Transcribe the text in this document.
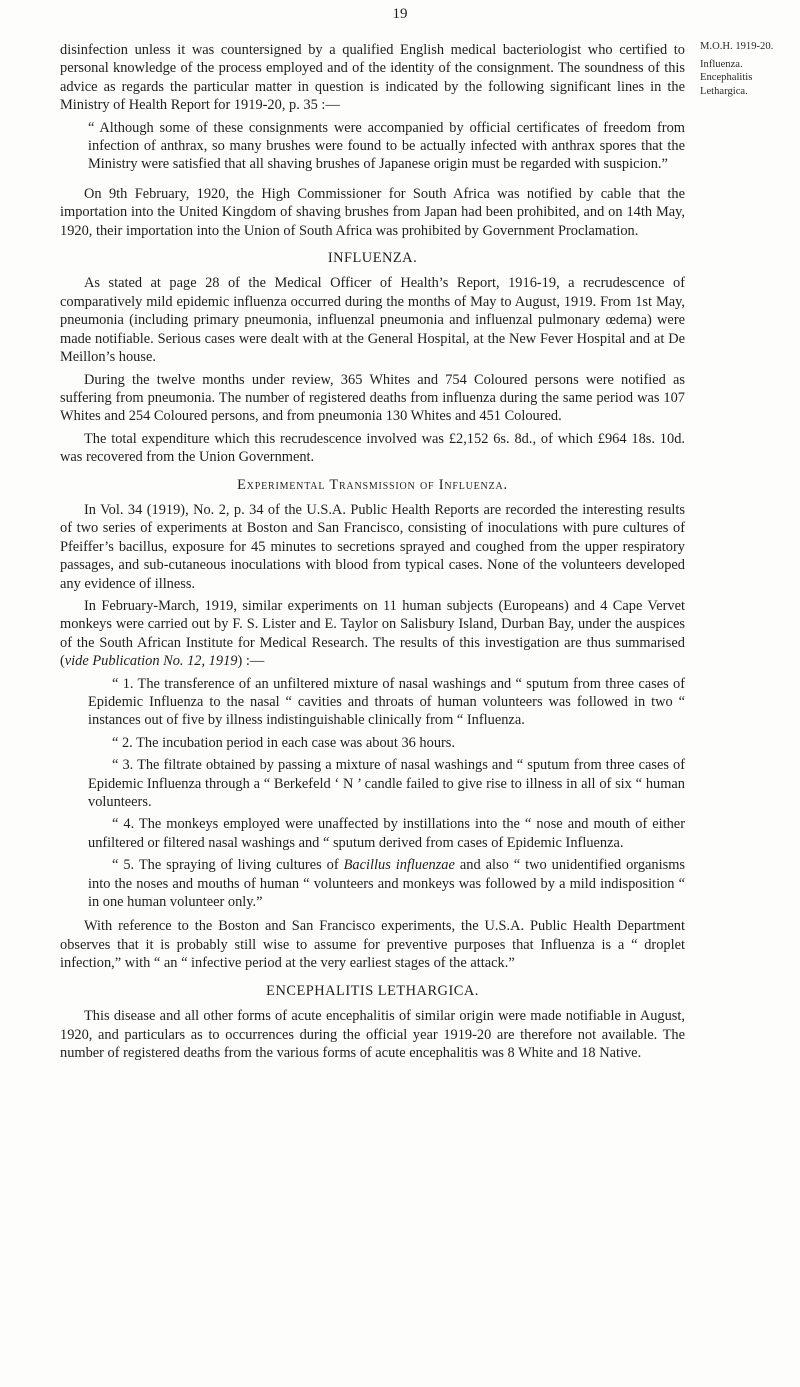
19
M.O.H. 1919-20.
Influenza.
Encephalitis
Lethargica.

disinfection unless it was countersigned by a qualified English medical bacteriologist who certified to personal knowledge of the process employed and of the identity of the consignment. The soundness of this advice as regards the particular matter in question is indicated by the following significant lines in the Ministry of Health Report for 1919-20, p. 35 :—

“ Although some of these consignments were accompanied by official certificates of freedom from infection of anthrax, so many brushes were found to be actually infected with anthrax spores that the Ministry were satisfied that all shaving brushes of Japanese origin must be regarded with suspicion.”

On 9th February, 1920, the High Commissioner for South Africa was notified by cable that the importation into the United Kingdom of shaving brushes from Japan had been prohibited, and on 14th May, 1920, their importation into the Union of South Africa was prohibited by Government Proclamation.

INFLUENZA.

As stated at page 28 of the Medical Officer of Health’s Report, 1916-19, a recrudescence of comparatively mild epidemic influenza occurred during the months of May to August, 1919. From 1st May, pneumonia (including primary pneumonia, influenzal pneumonia and influenzal pulmonary œdema) were made notifiable. Serious cases were dealt with at the General Hospital, at the New Fever Hospital and at De Meillon’s house.

During the twelve months under review, 365 Whites and 754 Coloured persons were notified as suffering from pneumonia. The number of registered deaths from influenza during the same period was 107 Whites and 254 Coloured persons, and from pneumonia 130 Whites and 451 Coloured.

The total expenditure which this recrudescence involved was £2,152 6s. 8d., of which £964 18s. 10d. was recovered from the Union Government.

Experimental Transmission of Influenza.

In Vol. 34 (1919), No. 2, p. 34 of the U.S.A. Public Health Reports are recorded the interesting results of two series of experiments at Boston and San Francisco, consisting of inoculations with pure cultures of Pfeiffer’s bacillus, exposure for 45 minutes to secretions sprayed and coughed from the upper respiratory passages, and sub-cutaneous inoculations with blood from typical cases. None of the volunteers developed any evidence of illness.

In February-March, 1919, similar experiments on 11 human subjects (Europeans) and 4 Cape Vervet monkeys were carried out by F. S. Lister and E. Taylor on Salisbury Island, Durban Bay, under the auspices of the South African Institute for Medical Research. The results of this investigation are thus summarised (vide Publication No. 12, 1919) :—

“ 1. The transference of an unfiltered mixture of nasal washings and “ sputum from three cases of Epidemic Influenza to the nasal “ cavities and throats of human volunteers was followed in two “ instances out of five by illness indistinguishable clinically from “ Influenza.

“ 2. The incubation period in each case was about 36 hours.

“ 3. The filtrate obtained by passing a mixture of nasal washings and “ sputum from three cases of Epidemic Influenza through a “ Berkefeld ‘ N ’ candle failed to give rise to illness in all of six “ human volunteers.

“ 4. The monkeys employed were unaffected by instillations into the “ nose and mouth of either unfiltered or filtered nasal washings and “ sputum derived from cases of Epidemic Influenza.

“ 5. The spraying of living cultures of Bacillus influenzae and also “ two unidentified organisms into the noses and mouths of human “ volunteers and monkeys was followed by a mild indisposition “ in one human volunteer only.”

With reference to the Boston and San Francisco experiments, the U.S.A. Public Health Department observes that it is probably still wise to assume for preventive purposes that Influenza is a “ droplet infection,” with “ an “ infective period at the very earliest stages of the attack.”

ENCEPHALITIS LETHARGICA.

This disease and all other forms of acute encephalitis of similar origin were made notifiable in August, 1920, and particulars as to occurrences during the official year 1919-20 are therefore not available. The number of registered deaths from the various forms of acute encephalitis was 8 White and 18 Native.
